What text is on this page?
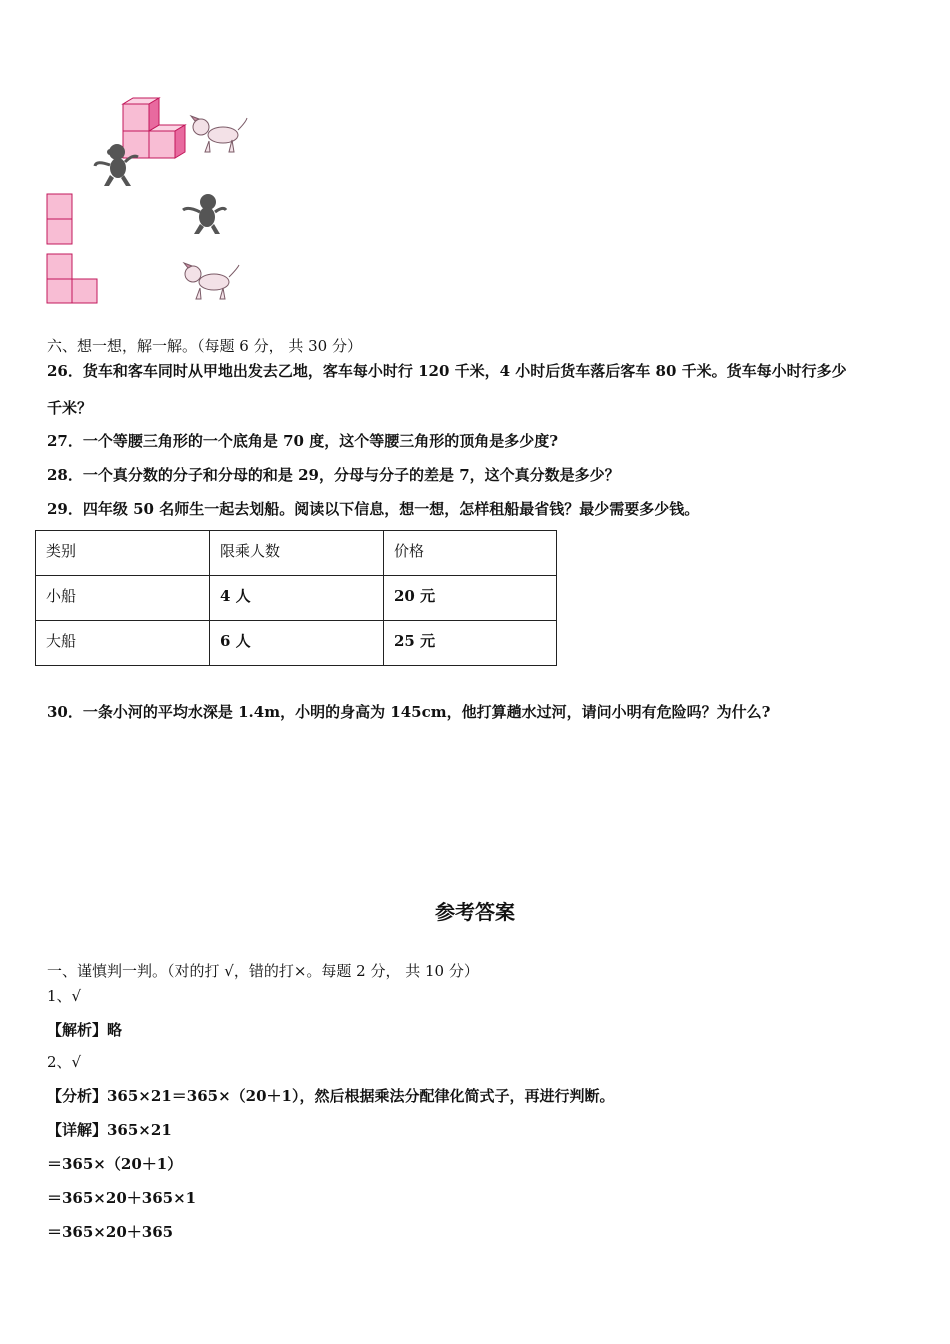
六、想一想，解一解。（每题 6 分， 共 30 分）
26．货车和客车同时从甲地出发去乙地，客车每小时行 120 千米，4 小时后货车落后客车 80 千米。货车每小时行多少
千米？
27．一个等腰三角形的一个底角是 70 度，这个等腰三角形的顶角是多少度?
28．一个真分数的分子和分母的和是 29，分母与分子的差是 7，这个真分数是多少？
29．四年级 50 名师生一起去划船。阅读以下信息，想一想，怎样租船最省钱？最少需要多少钱。
类别	限乘人数	价格
小船	4 人	20 元
大船	6 人	25 元
30．一条小河的平均水深是 1.4m，小明的身高为 145cm，他打算趟水过河，请问小明有危险吗？为什么?
参考答案
一、谨慎判一判。（对的打 √，错的打×。每题 2 分， 共 10 分）
1、√
【解析】略
2、√
【分析】365×21＝365×（20＋1），然后根据乘法分配律化简式子，再进行判断。
【详解】365×21
＝365×（20＋1）
＝365×20＋365×1
＝365×20＋365
